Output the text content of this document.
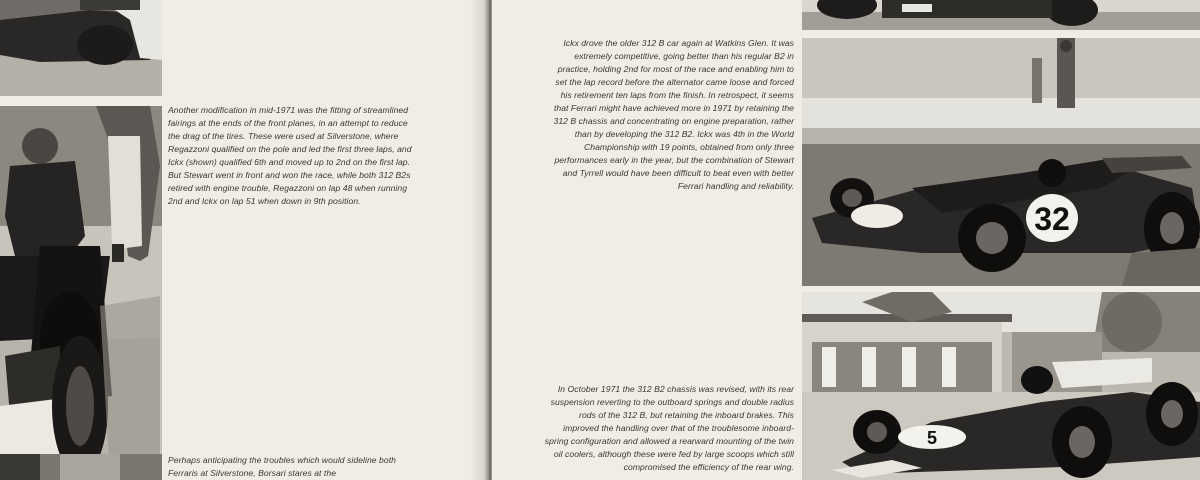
Another modification in mid-1971 was the fitting of streamlined fairings at the ends of the front planes, in an attempt to reduce the drag of the tires. These were used at Silverstone, where Regazzoni qualified on the pole and led the first three laps, and Ickx (shown) qualified 6th and moved up to 2nd on the first lap. But Stewart went in front and won the race, while both 312 B2s retired with engine trouble, Regazzoni on lap 48 when running 2nd and Ickx on lap 51 when down in 9th position.

Perhaps anticipating the troubles which would sideline both Ferraris at Silverstone, Borsari stares at the

Ickx drove the older 312 B car again at Watkins Glen. It was extremely competitive, going better than his regular B2 in practice, holding 2nd for most of the race and enabling him to set the lap record before the alternator came loose and forced his retirement ten laps from the finish. In retrospect, it seems that Ferrari might have achieved more in 1971 by retaining the 312 B chassis and concentrating on engine preparation, rather than by developing the 312 B2. Ickx was 4th in the World Championship with 19 points, obtained from only three performances early in the year, but the combination of Stewart and Tyrrell would have been difficult to beat even with better Ferrari handling and reliability.

In October 1971 the 312 B2 chassis was revised, with its rear suspension reverting to the outboard springs and double radius rods of the 312 B, but retaining the inboard brakes. This improved the handling over that of the troublesome inboard-spring configuration and allowed a rearward mounting of the twin oil coolers, although these were fed by large scoops which still compromised the efficiency of the rear wing.

32
5
